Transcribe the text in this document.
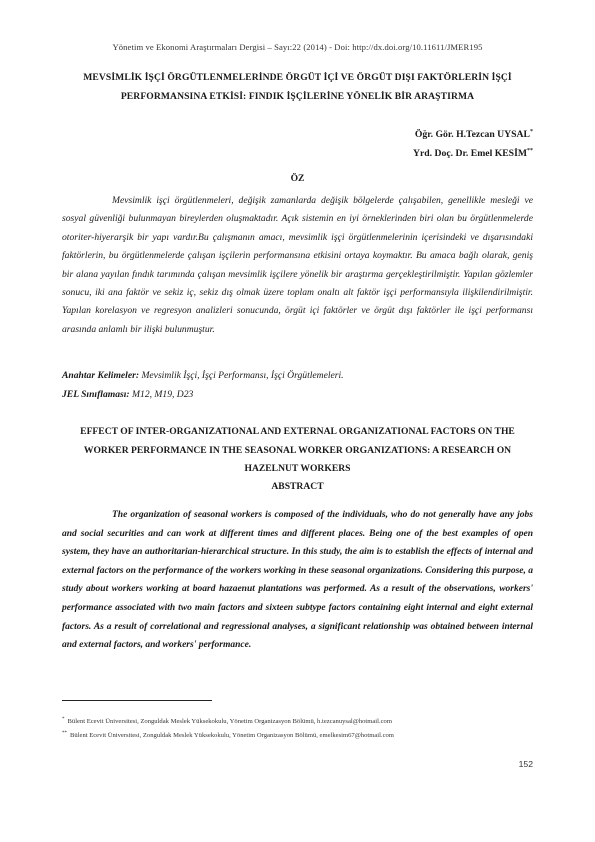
Yönetim ve Ekonomi Araştırmaları Dergisi – Sayı:22 (2014) - Doi: http://dx.doi.org/10.11611/JMER195
MEVSİMLİK İŞÇİ ÖRGÜTLENMELERİNDE ÖRGÜT İÇİ VE ÖRGÜT DIŞI FAKTÖRLERİN İŞÇİ PERFORMANSINA ETKİSİ: FINDIK İŞÇİLERİNE YÖNELİK BİR ARAŞTIRMA
Öğr. Gör. H.Tezcan UYSAL*
Yrd. Doç. Dr. Emel KESİM**
ÖZ

Mevsimlik işçi örgütlenmeleri, değişik zamanlarda değişik bölgelerde çalışabilen, genellikle mesleği ve sosyal güvenliği bulunmayan bireylerden oluşmaktadır. Açık sistemin en iyi örneklerinden biri olan bu örgütlenmelerde otoriter-hiyerarşik bir yapı vardır.Bu çalışmanın amacı, mevsimlik işçi örgütlenmelerinin içerisindeki ve dışarısındaki faktörlerin, bu örgütlenmelerde çalışan işçilerin performansına etkisini ortaya koymaktır. Bu amaca bağlı olarak, geniş bir alana yayılan fındık tarımında çalışan mevsimlik işçilere yönelik bir araştırma gerçekleştirilmiştir. Yapılan gözlemler sonucu, iki ana faktör ve sekiz iç, sekiz dış olmak üzere toplam onaltı alt faktör işçi performansıyla ilişkilendirilmiştir. Yapılan korelasyon ve regresyon analizleri sonucunda, örgüt içi faktörler ve örgüt dışı faktörler ile işçi performansı arasında anlamlı bir ilişki bulunmuştur.

Anahtar Kelimeler: Mevsimlik İşçi, İşçi Performansı, İşçi Örgütlemeleri.
JEL Sınıflaması: M12, M19, D23
EFFECT OF INTER-ORGANIZATIONAL AND EXTERNAL ORGANIZATIONAL FACTORS ON THE WORKER PERFORMANCE IN THE SEASONAL WORKER ORGANIZATIONS: A RESEARCH ON HAZELNUT WORKERS
ABSTRACT

The organization of seasonal workers is composed of the individuals, who do not generally have any jobs and social securities and can work at different times and different places. Being one of the best examples of open system, they have an authoritarian-hierarchical structure. In this study, the aim is to establish the effects of internal and external factors on the performance of the workers working in these seasonal organizations. Considering this purpose, a study about workers working at board hazaenut plantations was performed. As a result of the observations, workers' performance associated with two main factors and sixteen subtype factors containing eight internal and eight external factors. As a result of correlational and regressional analyses, a significant relationship was obtained between internal and external factors, and workers' performance.

* Bülent Ecevit Üniversitesi, Zonguldak Meslek Yüksekokulu, Yönetim Organizasyon Bölümü, h.tezcanuysal@hotmail.com
** Bülent Ecevit Üniversitesi, Zonguldak Meslek Yüksekokulu, Yönetim Organizasyon Bölümü, emelkesim67@hotmail.com
152
